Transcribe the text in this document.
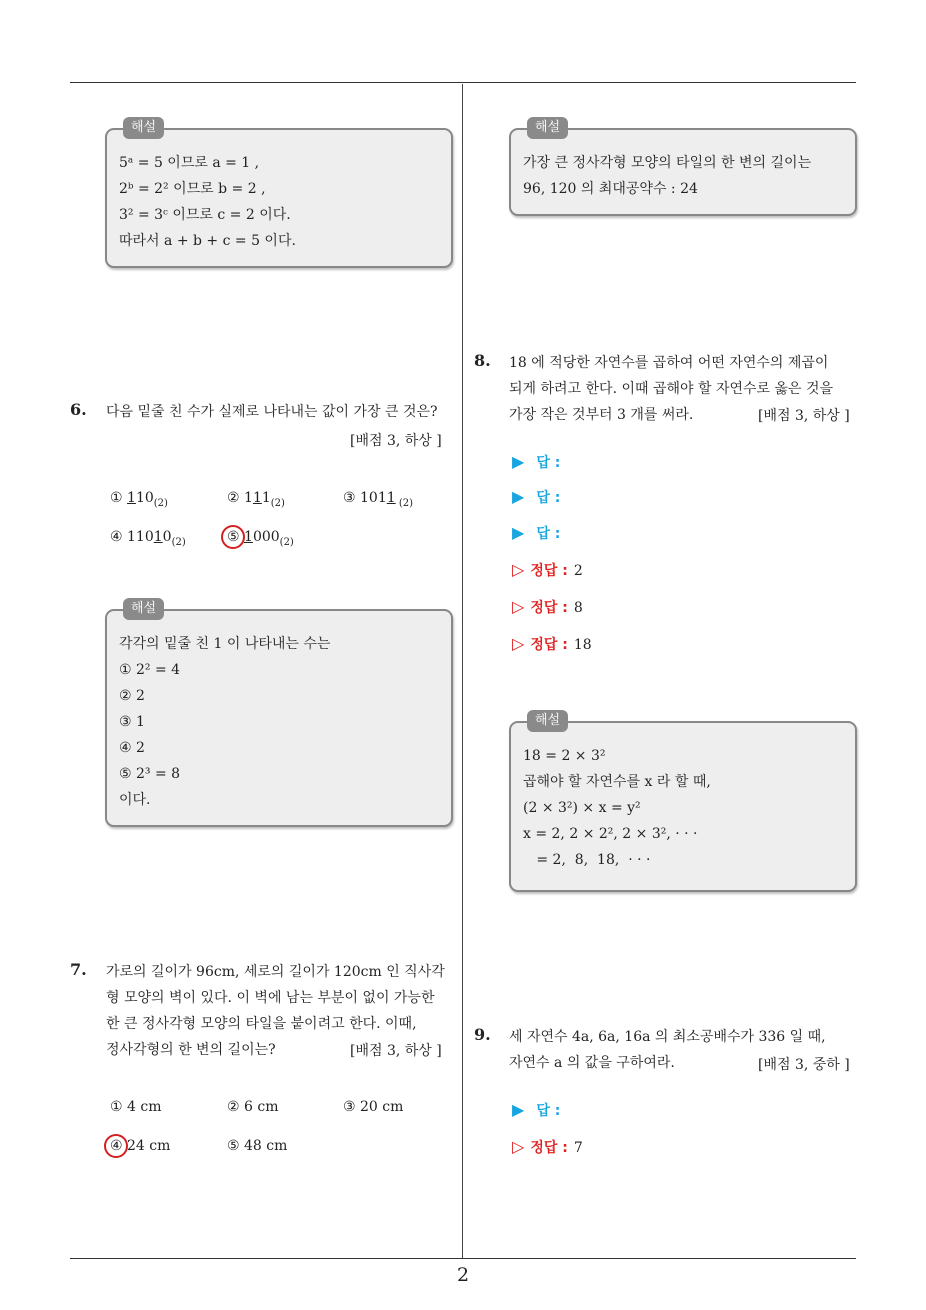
2
해설
5ᵃ = 5 이므로 a = 1 ,
2ᵇ = 2² 이므로 b = 2 ,
3² = 3ᶜ 이므로 c = 2 이다.
따라서 a + b + c = 5 이다.
6. 다음 밑줄 친 수가 실제로 나타내는 값이 가장 큰 것은?
[배점 3, 하상 ]
① $110_{(2)}$	② $111_{(2)}$	③ 1011 $_{(2)}$
④ $11010_{(2)}$	⑤ $1000_{(2)}$
해설
각각의 밑줄 친 1 이 나타내는 수는
① 2² = 4
② 2
③ 1
④ 2
⑤ 2³ = 8
이다.
7. 가로의 길이가 96cm, 세로의 길이가 120cm 인 직사각
형 모양의 벽이 있다. 이 벽에 남는 부분이 없이 가능한
한 큰 정사각형 모양의 타일을 붙이려고 한다. 이때,
정사각형의 한 변의 길이는?	[배점 3, 하상 ]
① 4 cm	② 6 cm	③ 20 cm
④ 24 cm	⑤ 48 cm
해설
가장 큰 정사각형 모양의 타일의 한 변의 길이는
96, 120 의 최대공약수 : 24
8. 18 에 적당한 자연수를 곱하여 어떤 자연수의 제곱이
되게 하려고 한다. 이때 곱해야 할 자연수로 옳은 것을
가장 작은 것부터 3 개를 써라.	[배점 3, 하상 ]
▶ 답 :
▶ 답 :
▶ 답 :
▷ 정답 : 2
▷ 정답 : 8
▷ 정답 : 18
해설
18 = 2 × 3²
곱해야 할 자연수를 x 라 할 때,
(2 × 3²) × x = y²
x = 2, 2 × 2², 2 × 3², · · ·
= 2,  8,  18,  · · ·
9. 세 자연수 4a, 6a, 16a 의 최소공배수가 336 일 때,
자연수 a 의 값을 구하여라.	[배점 3, 중하 ]
▶ 답 :
▷ 정답 : 7
